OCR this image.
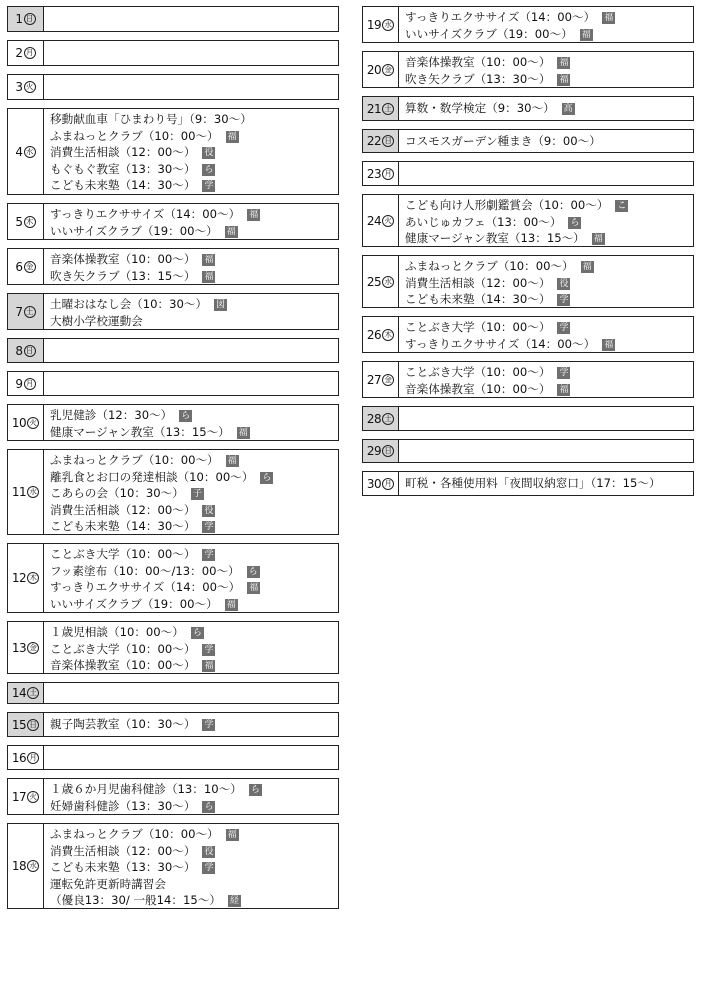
1 日
2 月
3 火
4 水
移動献血車「ひまわり号」（9：30～）
ふまねっとクラブ（10：00～） 福
消費生活相談（12：00～） 役
もぐもぐ教室（13：30～） ら
こども未来塾（14：30～） 学
5 木
すっきりエクササイズ（14：00～） 福
いいサイズクラブ（19：00～） 福
6 金
音楽体操教室（10：00～） 福
吹き矢クラブ（13：15～） 福
7 土
土曜おはなし会（10：30～） 図
大樹小学校運動会
8 日
9 月
10 火
乳児健診（12：30～） ら
健康マージャン教室（13：15～） 福
11 水
ふまねっとクラブ（10：00～） 福
離乳食とお口の発達相談（10：00～） ら
こあらの会（10：30～） 子
消費生活相談（12：00～） 役
こども未来塾（14：30～） 学
12 木
ことぶき大学（10：00～） 学
フッ素塗布（10：00～/13：00～） ら
すっきりエクササイズ（14：00～） 福
いいサイズクラブ（19：00～） 福
13 金
１歳児相談（10：00～） ら
ことぶき大学（10：00～） 学
音楽体操教室（10：00～） 福
14 土
15 日 親子陶芸教室（10：30～） 学
16 月
17 火
１歳６か月児歯科健診（13：10～） ら
妊婦歯科健診（13：30～） ら
18 水
ふまねっとクラブ（10：00～） 福
消費生活相談（12：00～） 役
こども未来塾（13：30～） 学
運転免許更新時講習会
（優良13：30/ 一般14：15～） 経
19 水
すっきりエクササイズ（14：00～） 福
いいサイズクラブ（19：00～） 福
20 金
音楽体操教室（10：00～） 福
吹き矢クラブ（13：30～） 福
21 土 算数・数学検定（9：30～） 高
22 日 コスモスガーデン種まき（9：00～）
23 月
24 火
こども向け人形劇鑑賞会（10：00～） こ
あいじゅカフェ（13：00～） ら
健康マージャン教室（13：15～） 福
25 水
ふまねっとクラブ（10：00～） 福
消費生活相談（12：00～） 役
こども未来塾（14：30～） 学
26 木
ことぶき大学（10：00～） 学
すっきりエクササイズ（14：00～） 福
27 金
ことぶき大学（10：00～） 学
音楽体操教室（10：00～） 福
28 土
29 日
30 月 町税・各種使用料「夜間収納窓口」（17：15～）
